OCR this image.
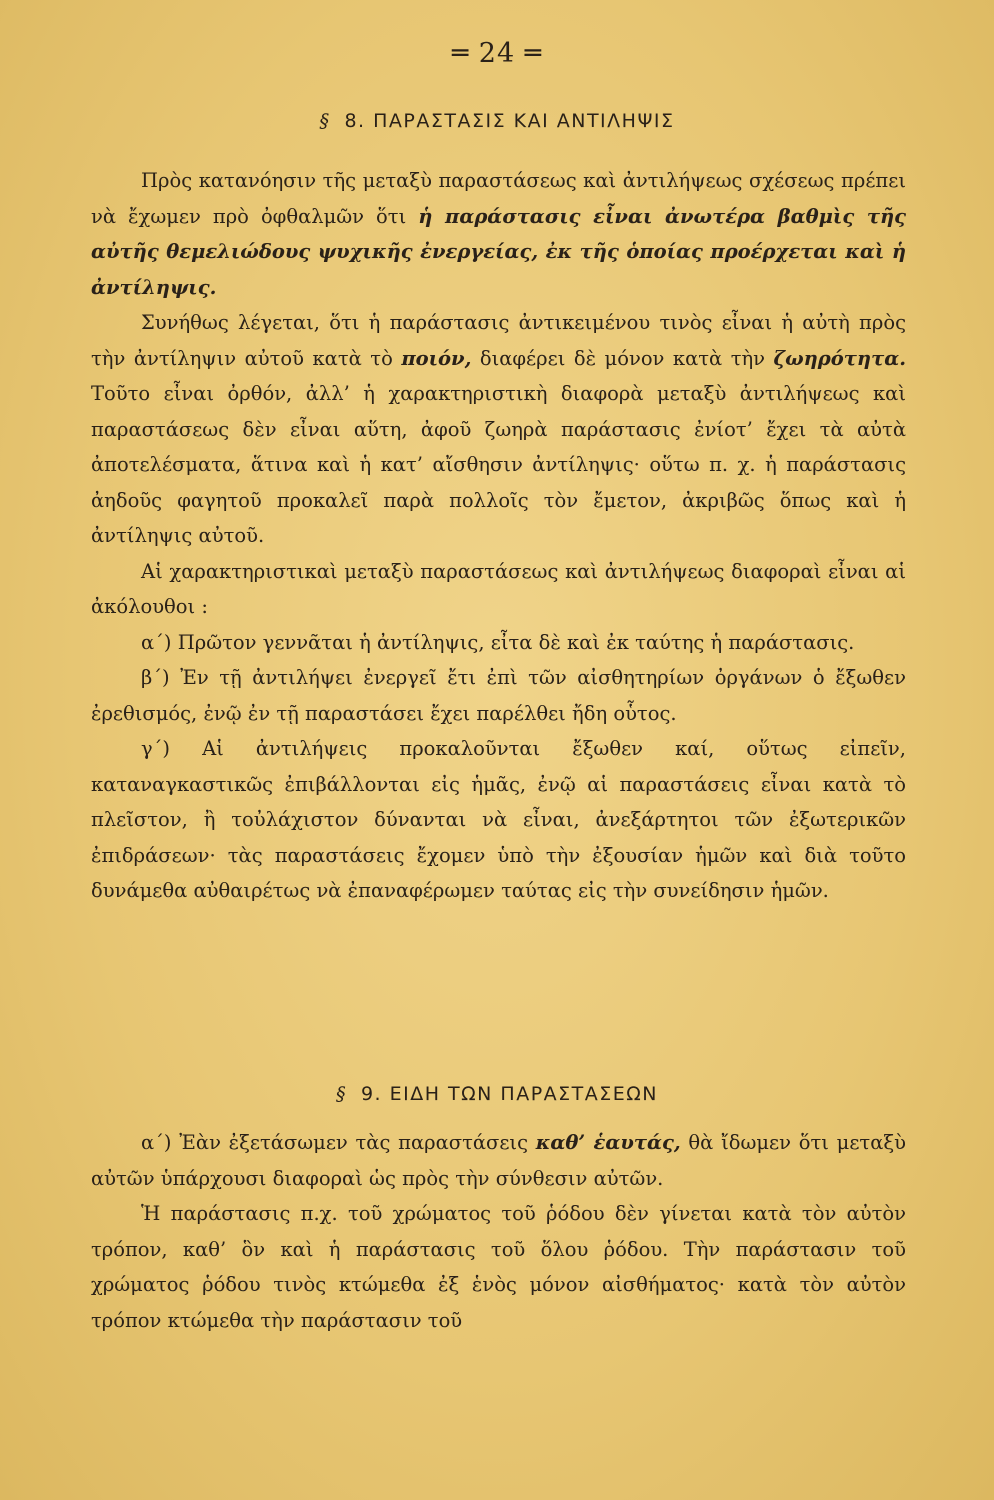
═ 24 ═
§ 8. ΠΑΡΑΣΤΑΣΙΣ ΚΑΙ ΑΝΤΙΛΗΨΙΣ

Πρὸς κατανόησιν τῆς μεταξὺ παραστάσεως καὶ ἀντιλήψεως σχέσεως πρέπει νὰ ἔχωμεν πρὸ ὀφθαλμῶν ὅτι ἡ παράστασις εἶναι ἀνωτέρα βαθμὶς τῆς αὐτῆς θεμελιώδους ψυχικῆς ἐνεργείας, ἐκ τῆς ὁποίας προέρχεται καὶ ἡ ἀντίληψις.

Συνήθως λέγεται, ὅτι ἡ παράστασις ἀντικειμένου τινὸς εἶναι ἡ αὐτὴ πρὸς τὴν ἀντίληψιν αὐτοῦ κατὰ τὸ ποιόν, διαφέρει δὲ μόνον κατὰ τὴν ζωηρότητα. Τοῦτο εἶναι ὀρθόν, ἀλλ’ ἡ χαρακτηριστικὴ διαφορὰ μεταξὺ ἀντιλήψεως καὶ παραστάσεως δὲν εἶναι αὕτη, ἀφοῦ ζωηρὰ παράστασις ἐνίοτ’ ἔχει τὰ αὐτὰ ἀποτελέσματα, ἅτινα καὶ ἡ κατ’ αἴσθησιν ἀντίληψις· οὕτω π. χ. ἡ παράστασις ἀηδοῦς φαγητοῦ προκαλεῖ παρὰ πολλοῖς τὸν ἔμετον, ἀκριβῶς ὅπως καὶ ἡ ἀντίληψις αὐτοῦ.

Αἱ χαρακτηριστικαὶ μεταξὺ παραστάσεως καὶ ἀντιλήψεως διαφοραὶ εἶναι αἱ ἀκόλουθοι :

α΄) Πρῶτον γεννᾶται ἡ ἀντίληψις, εἶτα δὲ καὶ ἐκ ταύτης ἡ παράστασις.

β΄) Ἐν τῇ ἀντιλήψει ἐνεργεῖ ἔτι ἐπὶ τῶν αἰσθητηρίων ὀργάνων ὁ ἔξωθεν ἐρεθισμός, ἐνῷ ἐν τῇ παραστάσει ἔχει παρέλθει ἤδη οὗτος.

γ΄) Αἱ ἀντιλήψεις προκαλοῦνται ἔξωθεν καί, οὕτως εἰπεῖν, καταναγκαστικῶς ἐπιβάλλονται εἰς ἡμᾶς, ἐνῷ αἱ παραστάσεις εἶναι κατὰ τὸ πλεῖστον, ἢ τοὐλάχιστον δύνανται νὰ εἶναι, ἀνεξάρτητοι τῶν ἐξωτερικῶν ἐπιδράσεων· τὰς παραστάσεις ἔχομεν ὑπὸ τὴν ἐξουσίαν ἡμῶν καὶ διὰ τοῦτο δυνάμεθα αὐθαιρέτως νὰ ἐπαναφέρωμεν ταύτας εἰς τὴν συνείδησιν ἡμῶν.

§ 9. ΕΙΔΗ ΤΩΝ ΠΑΡΑΣΤΑΣΕΩΝ

α΄) Ἐὰν ἐξετάσωμεν τὰς παραστάσεις καθ’ ἑαυτάς, θὰ ἴδωμεν ὅτι μεταξὺ αὐτῶν ὑπάρχουσι διαφοραὶ ὡς πρὸς τὴν σύνθεσιν αὐτῶν.

Ἡ παράστασις π.χ. τοῦ χρώματος τοῦ ῥόδου δὲν γίνεται κατὰ τὸν αὐτὸν τρόπον, καθ’ ὃν καὶ ἡ παράστασις τοῦ ὅλου ῥόδου. Τὴν παράστασιν τοῦ χρώματος ῥόδου τινὸς κτώμεθα ἐξ ἑνὸς μόνον αἰσθήματος· κατὰ τὸν αὐτὸν τρόπον κτώμεθα τὴν παράστασιν τοῦ
